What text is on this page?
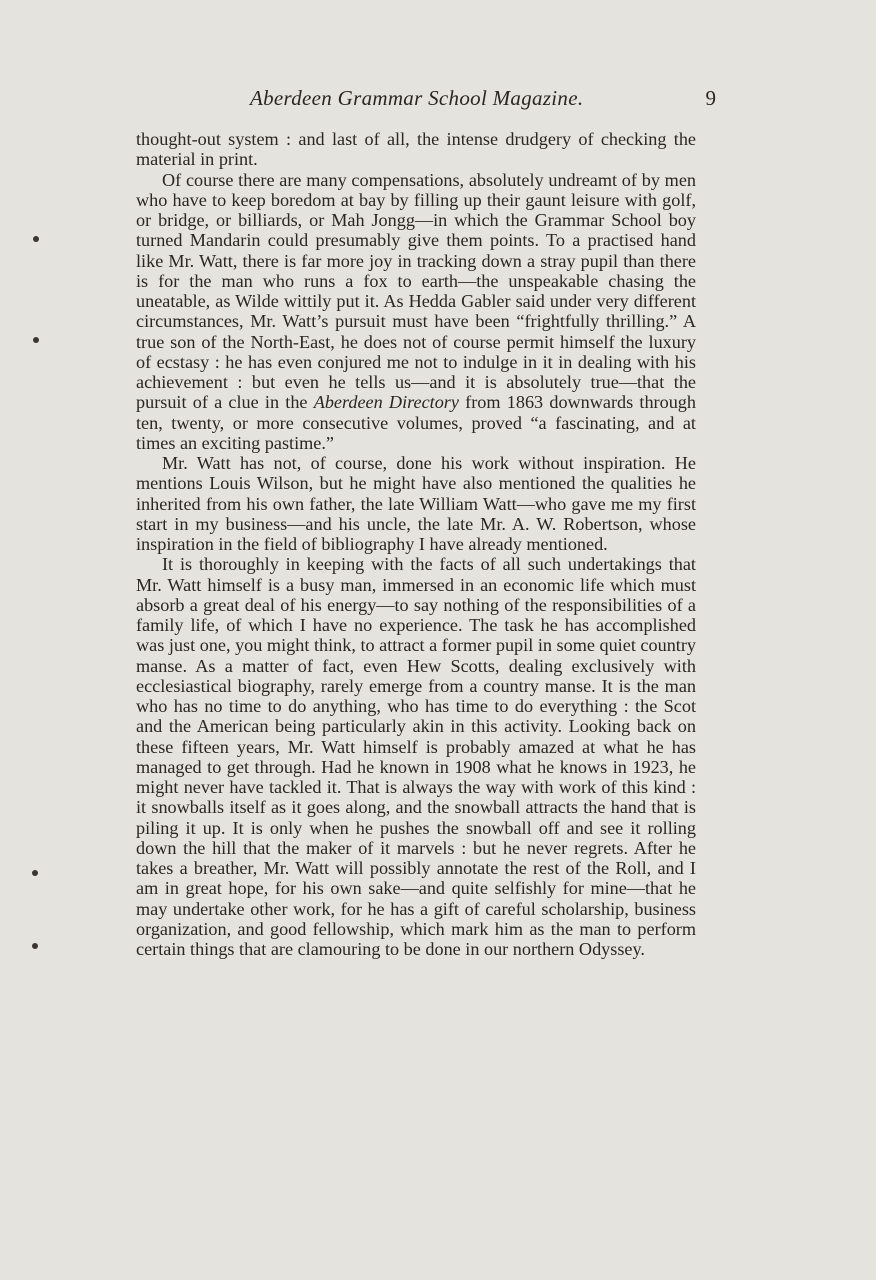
Aberdeen Grammar School Magazine.	9

thought-out system : and last of all, the intense drudgery of checking the material in print.

Of course there are many compensations, absolutely undreamt of by men who have to keep boredom at bay by filling up their gaunt leisure with golf, or bridge, or billiards, or Mah Jongg—in which the Grammar School boy turned Mandarin could presumably give them points. To a practised hand like Mr. Watt, there is far more joy in tracking down a stray pupil than there is for the man who runs a fox to earth—the unspeakable chasing the uneatable, as Wilde wittily put it. As Hedda Gabler said under very different circumstances, Mr. Watt’s pursuit must have been “frightfully thrilling.” A true son of the North-East, he does not of course permit himself the luxury of ecstasy : he has even conjured me not to indulge in it in dealing with his achievement : but even he tells us—and it is absolutely true—that the pursuit of a clue in the Aberdeen Directory from 1863 downwards through ten, twenty, or more consecutive volumes, proved “a fascinating, and at times an exciting pastime.”

Mr. Watt has not, of course, done his work without inspiration. He mentions Louis Wilson, but he might have also mentioned the qualities he inherited from his own father, the late William Watt—who gave me my first start in my business—and his uncle, the late Mr. A. W. Robertson, whose inspiration in the field of bibliography I have already mentioned.

It is thoroughly in keeping with the facts of all such undertakings that Mr. Watt himself is a busy man, immersed in an economic life which must absorb a great deal of his energy—to say nothing of the responsibilities of a family life, of which I have no experience. The task he has accomplished was just one, you might think, to attract a former pupil in some quiet country manse. As a matter of fact, even Hew Scotts, dealing exclusively with ecclesiastical biography, rarely emerge from a country manse. It is the man who has no time to do anything, who has time to do everything : the Scot and the American being particularly akin in this activity. Looking back on these fifteen years, Mr. Watt himself is probably amazed at what he has managed to get through. Had he known in 1908 what he knows in 1923, he might never have tackled it. That is always the way with work of this kind : it snowballs itself as it goes along, and the snowball attracts the hand that is piling it up. It is only when he pushes the snowball off and see it rolling down the hill that the maker of it marvels : but he never regrets. After he takes a breather, Mr. Watt will possibly annotate the rest of the Roll, and I am in great hope, for his own sake—and quite selfishly for mine—that he may undertake other work, for he has a gift of careful scholarship, business organization, and good fellowship, which mark him as the man to perform certain things that are clamouring to be done in our northern Odyssey.
